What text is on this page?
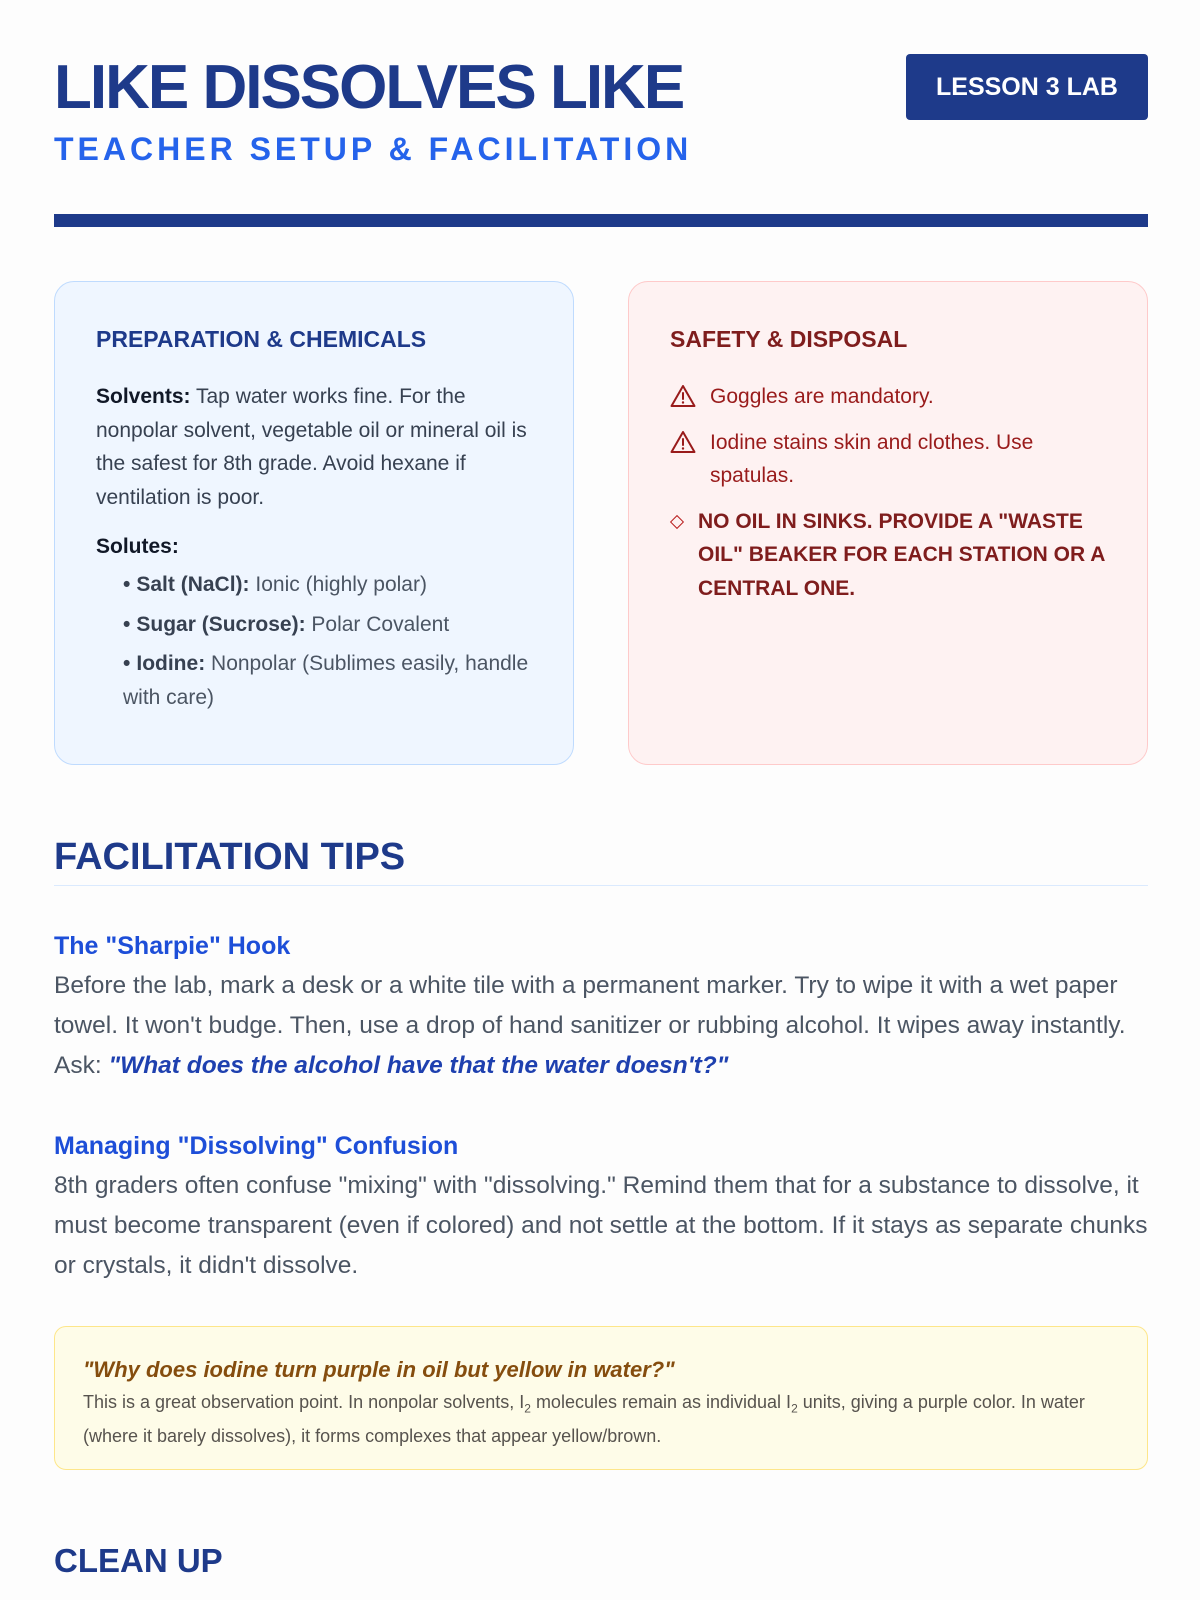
LIKE DISSOLVES LIKE
TEACHER SETUP & FACILITATION
LESSON 3 LAB
PREPARATION & CHEMICALS

Solvents: Tap water works fine. For the nonpolar solvent, vegetable oil or mineral oil is the safest for 8th grade. Avoid hexane if ventilation is poor.

Solutes:

• Salt (NaCl): Ionic (highly polar)
• Sugar (Sucrose): Polar Covalent
• Iodine: Nonpolar (Sublimes easily, handle with care)
SAFETY & DISPOSAL
Goggles are mandatory.
Iodine stains skin and clothes. Use spatulas.
NO OIL IN SINKS. PROVIDE A "WASTE OIL" BEAKER FOR EACH STATION OR A CENTRAL ONE.
FACILITATION TIPS
The "Sharpie" Hook

Before the lab, mark a desk or a white tile with a permanent marker. Try to wipe it with a wet paper towel. It won't budge. Then, use a drop of hand sanitizer or rubbing alcohol. It wipes away instantly. Ask: "What does the alcohol have that the water doesn't?"

Managing "Dissolving" Confusion

8th graders often confuse "mixing" with "dissolving." Remind them that for a substance to dissolve, it must become transparent (even if colored) and not settle at the bottom. If it stays as separate chunks or crystals, it didn't dissolve.

"Why does iodine turn purple in oil but yellow in water?"

This is a great observation point. In nonpolar solvents, $I_2$ molecules remain as individual $I_2$ units, giving a purple color. In water (where it barely dissolves), it forms complexes that appear yellow/brown.

CLEAN UP
